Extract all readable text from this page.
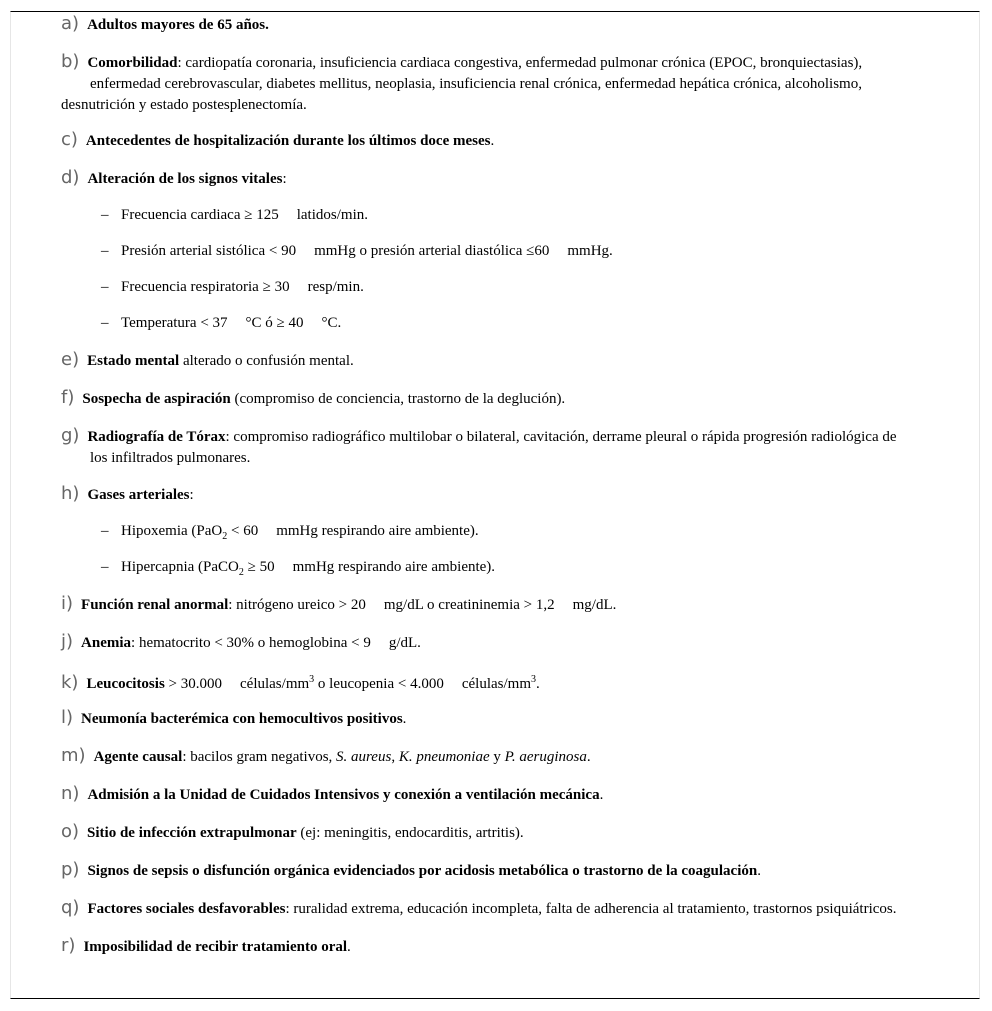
a) Adultos mayores de 65 años.
b) Comorbilidad: cardiopatía coronaria, insuficiencia cardiaca congestiva, enfermedad pulmonar crónica (EPOC, bronquiectasias),
enfermedad cerebrovascular, diabetes mellitus, neoplasia, insuficiencia renal crónica, enfermedad hepática crónica, alcoholismo,
desnutrición y estado postesplenectomía.
c) Antecedentes de hospitalización durante los últimos doce meses.
d) Alteración de los signos vitales:
– Frecuencia cardiaca ≥ 125 latidos/min.
– Presión arterial sistólica < 90 mmHg o presión arterial diastólica ≤60 mmHg.
– Frecuencia respiratoria ≥ 30 resp/min.
– Temperatura < 37 °C ó ≥ 40 °C.
e) Estado mental alterado o confusión mental.
f) Sospecha de aspiración (compromiso de conciencia, trastorno de la deglución).
g) Radiografía de Tórax: compromiso radiográfico multilobar o bilateral, cavitación, derrame pleural o rápida progresión radiológica de
los infiltrados pulmonares.
h) Gases arteriales:
– Hipoxemia (PaO$_2$ < 60 mmHg respirando aire ambiente).
– Hipercapnia (PaCO$_2$ ≥ 50 mmHg respirando aire ambiente).
i) Función renal anormal: nitrógeno ureico > 20 mg/dL o creatininemia > 1,2 mg/dL.
j) Anemia: hematocrito < 30% o hemoglobina < 9 g/dL.
k) Leucocitosis > 30.000 células/$mm^3$ o leucopenia < 4.000 células/$mm^3$.
l) Neumonía bacterémica con hemocultivos positivos.
m) Agente causal: bacilos gram negativos, S. aureus, K. pneumoniae y P. aeruginosa.
n) Admisión a la Unidad de Cuidados Intensivos y conexión a ventilación mecánica.
o) Sitio de infección extrapulmonar (ej: meningitis, endocarditis, artritis).
p) Signos de sepsis o disfunción orgánica evidenciados por acidosis metabólica o trastorno de la coagulación.
q) Factores sociales desfavorables: ruralidad extrema, educación incompleta, falta de adherencia al tratamiento, trastornos psiquiátricos.
r) Imposibilidad de recibir tratamiento oral.
